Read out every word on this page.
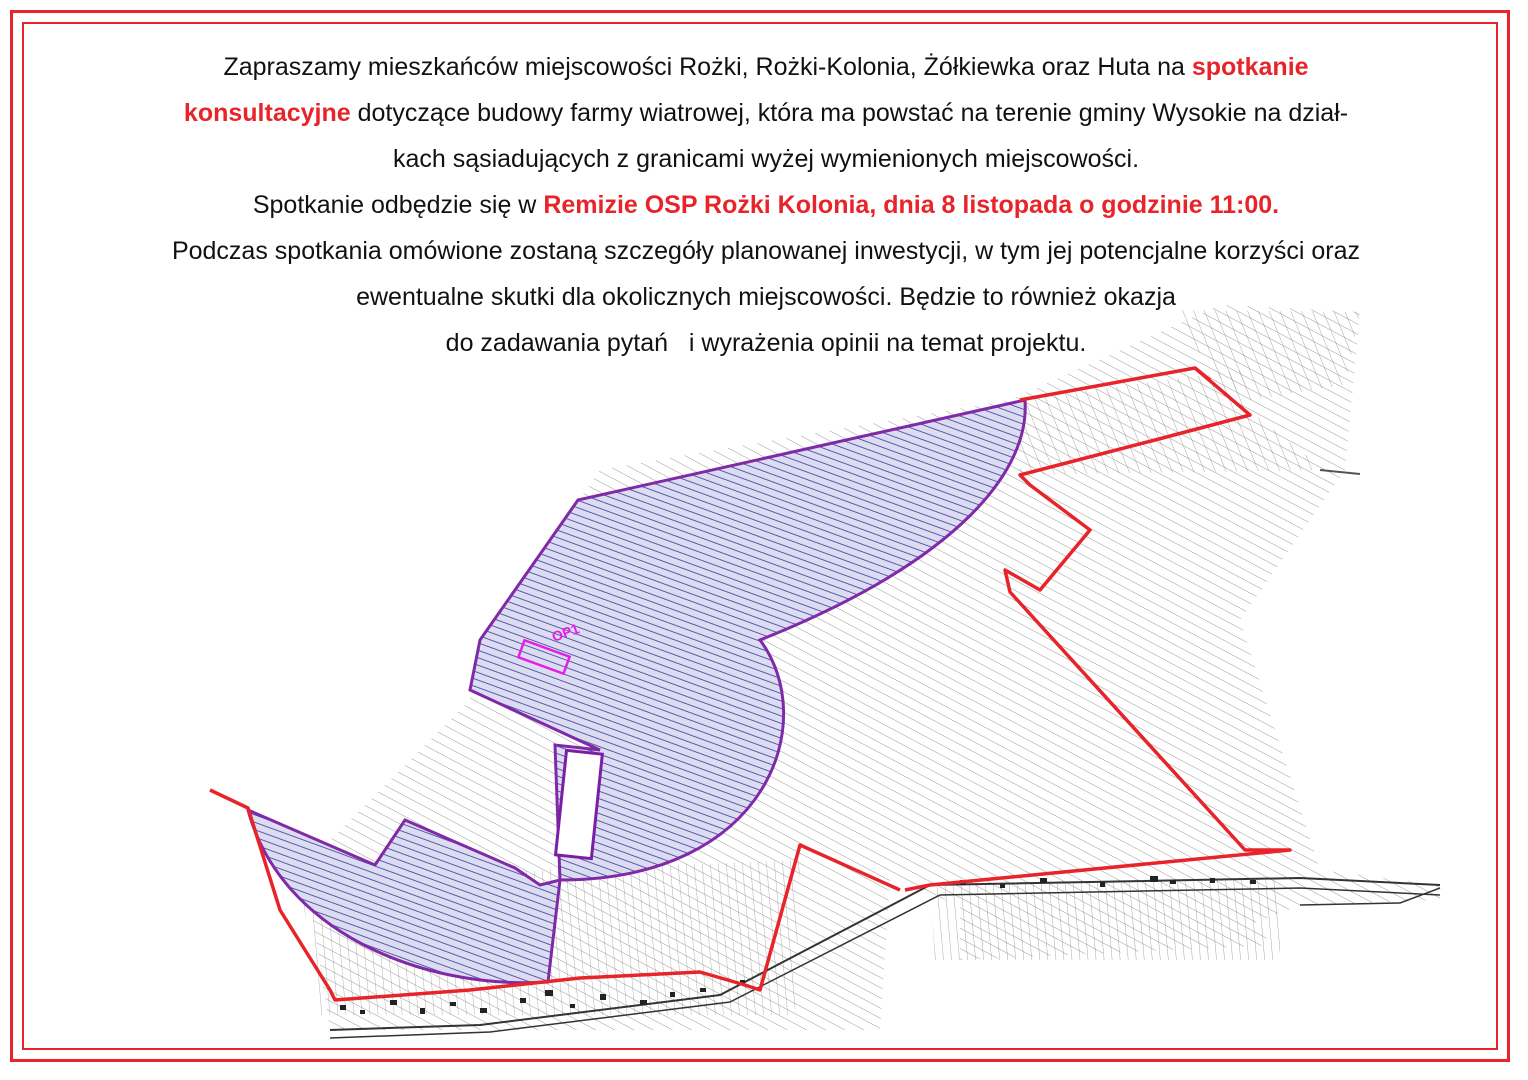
OP1

Zapraszamy mieszkańców miejscowości Rożki, Rożki-Kolonia, Żółkiewka oraz Huta na spotkanie
konsultacyjne dotyczące budowy farmy wiatrowej, która ma powstać na terenie gminy Wysokie na dział-
kach sąsiadujących z granicami wyżej wymienionych miejscowości.

Spotkanie odbędzie się w Remizie OSP Rożki Kolonia, dnia 8 listopada o godzinie 11:00.

Podczas spotkania omówione zostaną szczegóły planowanej inwestycji, w tym jej potencjalne korzyści oraz
ewentualne skutki dla okolicznych miejscowości. Będzie to również okazja
do zadawania pytań   i wyrażenia opinii na temat projektu.
